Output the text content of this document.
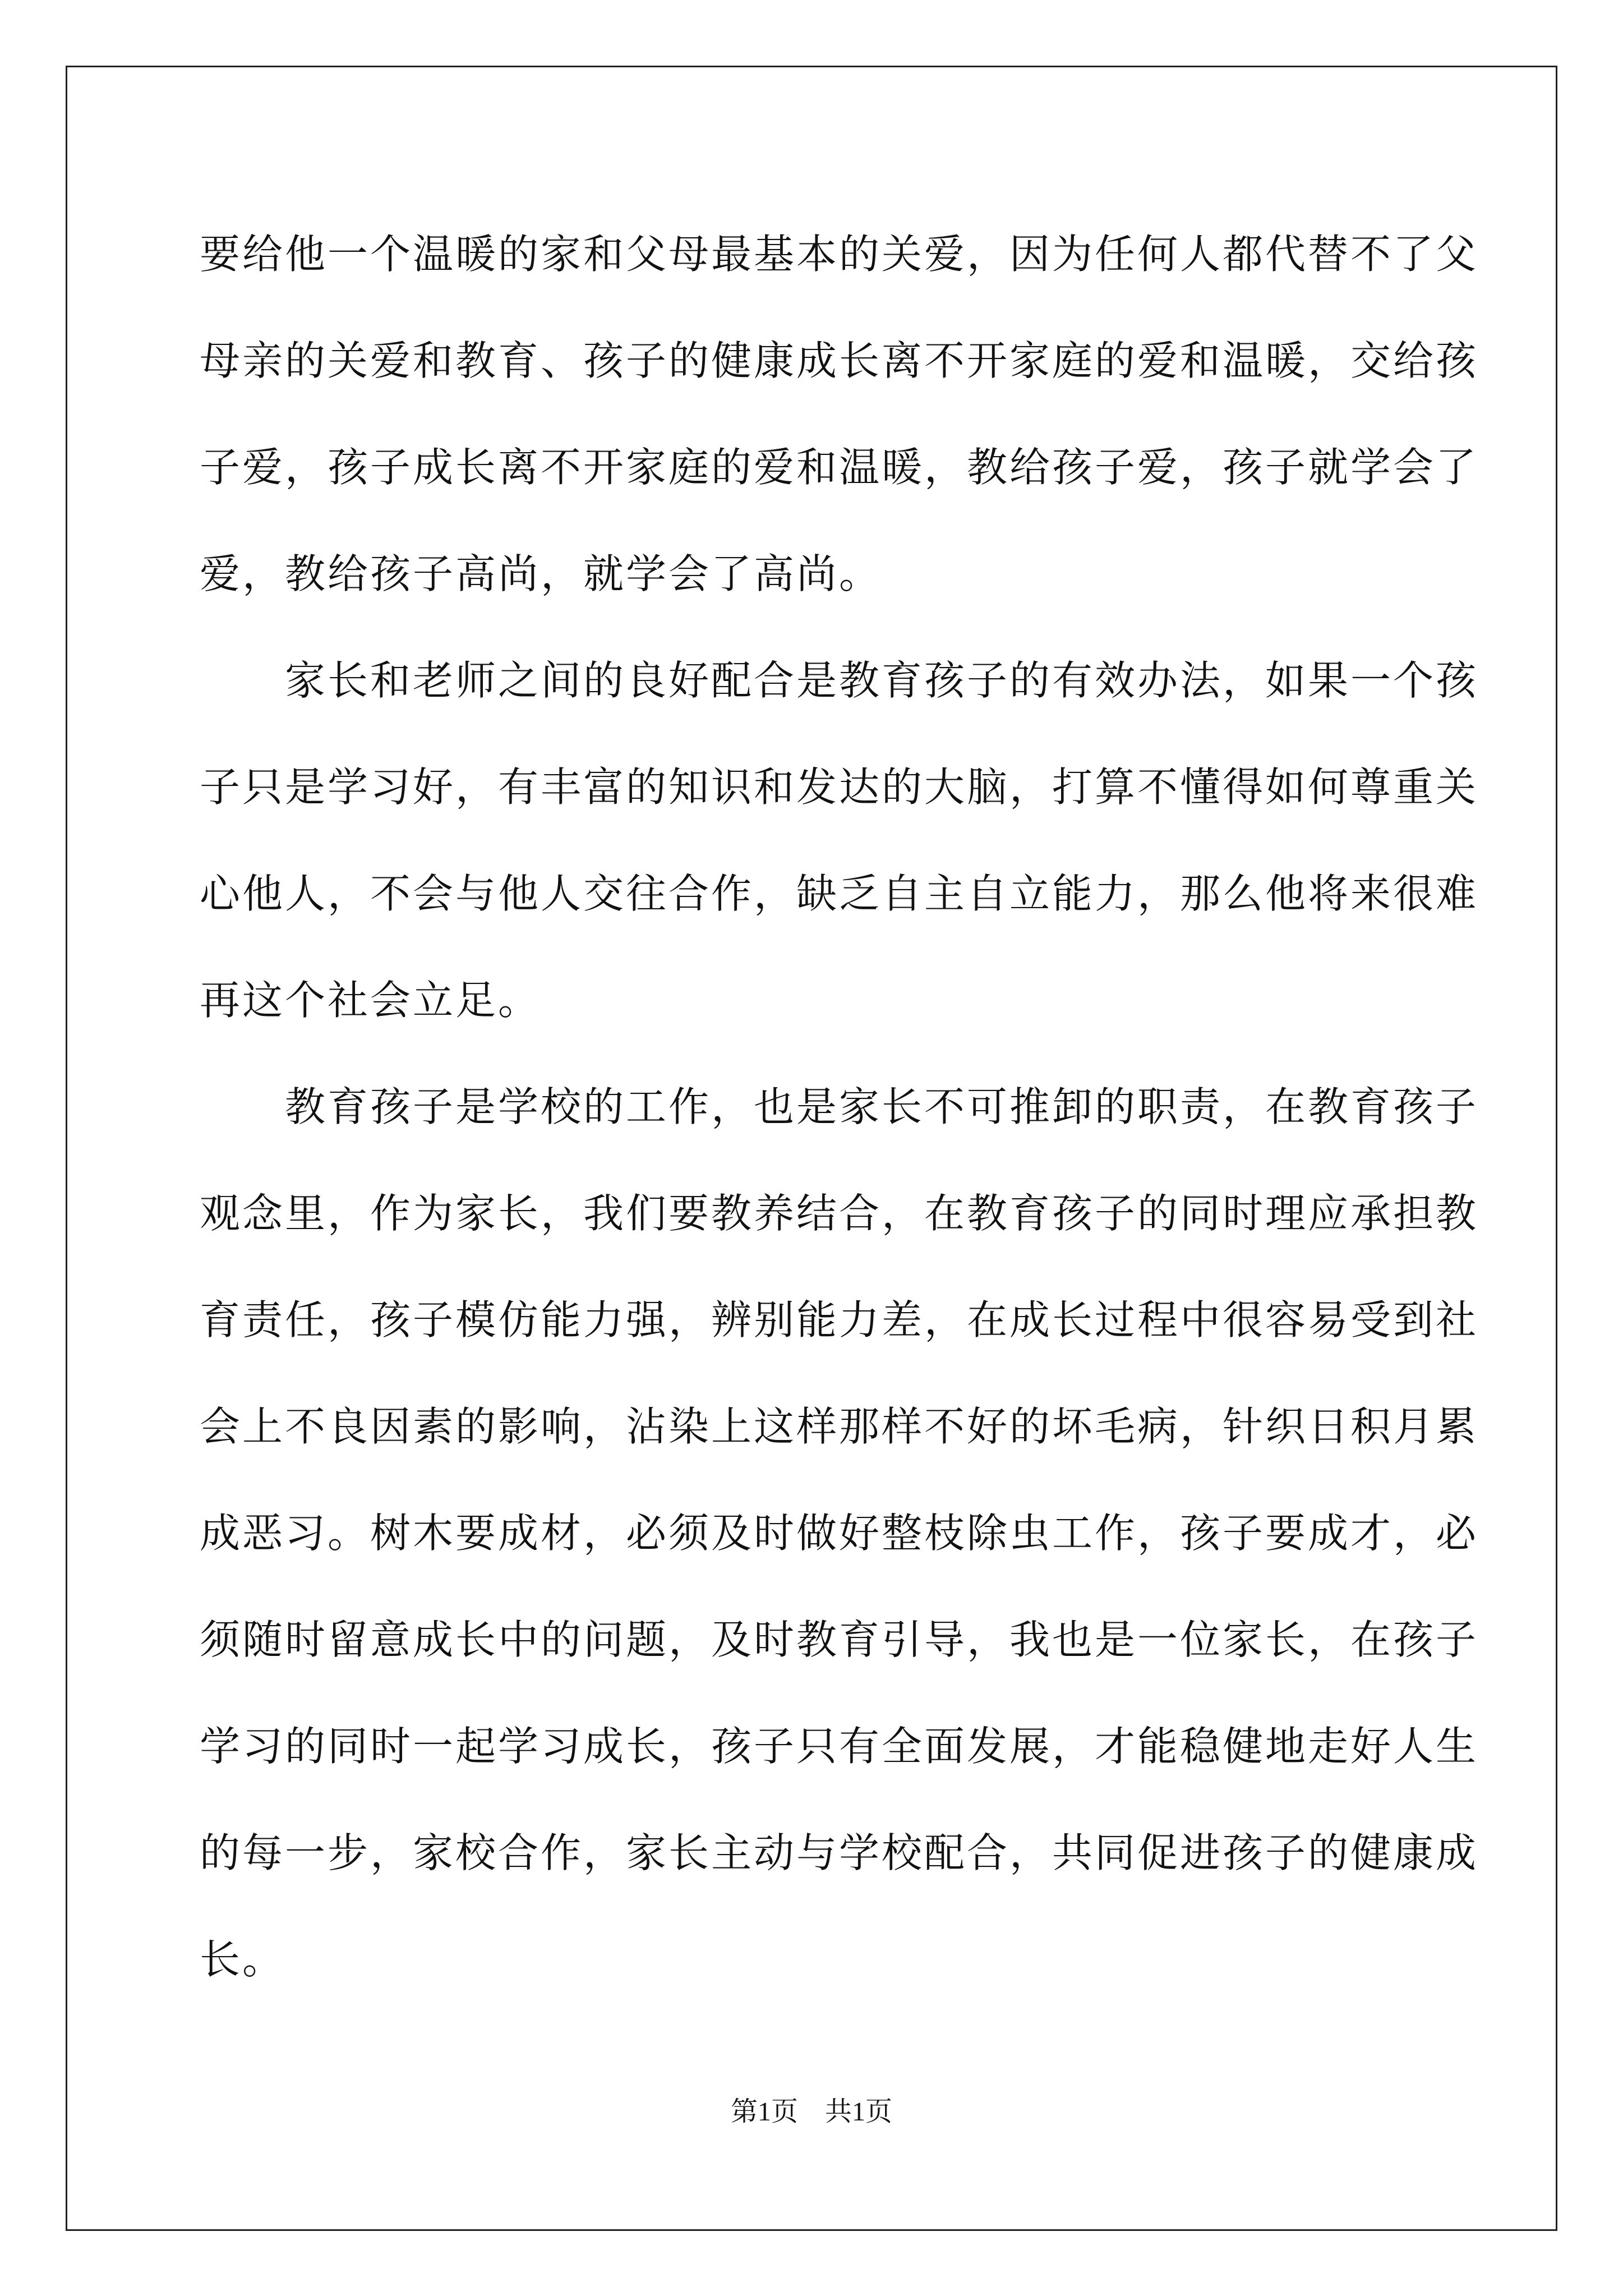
要给他一个温暖的家和父母最基本的关爱，因为任何人都代替不了父
母亲的关爱和教育、孩子的健康成长离不开家庭的爱和温暖，交给孩
子爱，孩子成长离不开家庭的爱和温暖，教给孩子爱，孩子就学会了
爱，教给孩子高尚，就学会了高尚。
　　家长和老师之间的良好配合是教育孩子的有效办法，如果一个孩
子只是学习好，有丰富的知识和发达的大脑，打算不懂得如何尊重关
心他人，不会与他人交往合作，缺乏自主自立能力，那么他将来很难
再这个社会立足。
　　教育孩子是学校的工作，也是家长不可推卸的职责，在教育孩子
观念里，作为家长，我们要教养结合，在教育孩子的同时理应承担教
育责任，孩子模仿能力强，辨别能力差，在成长过程中很容易受到社
会上不良因素的影响，沾染上这样那样不好的坏毛病，针织日积月累
成恶习。树木要成材，必须及时做好整枝除虫工作，孩子要成才，必
须随时留意成长中的问题，及时教育引导，我也是一位家长，在孩子
学习的同时一起学习成长，孩子只有全面发展，才能稳健地走好人生
的每一步，家校合作，家长主动与学校配合，共同促进孩子的健康成
长。
第1页　共1页
